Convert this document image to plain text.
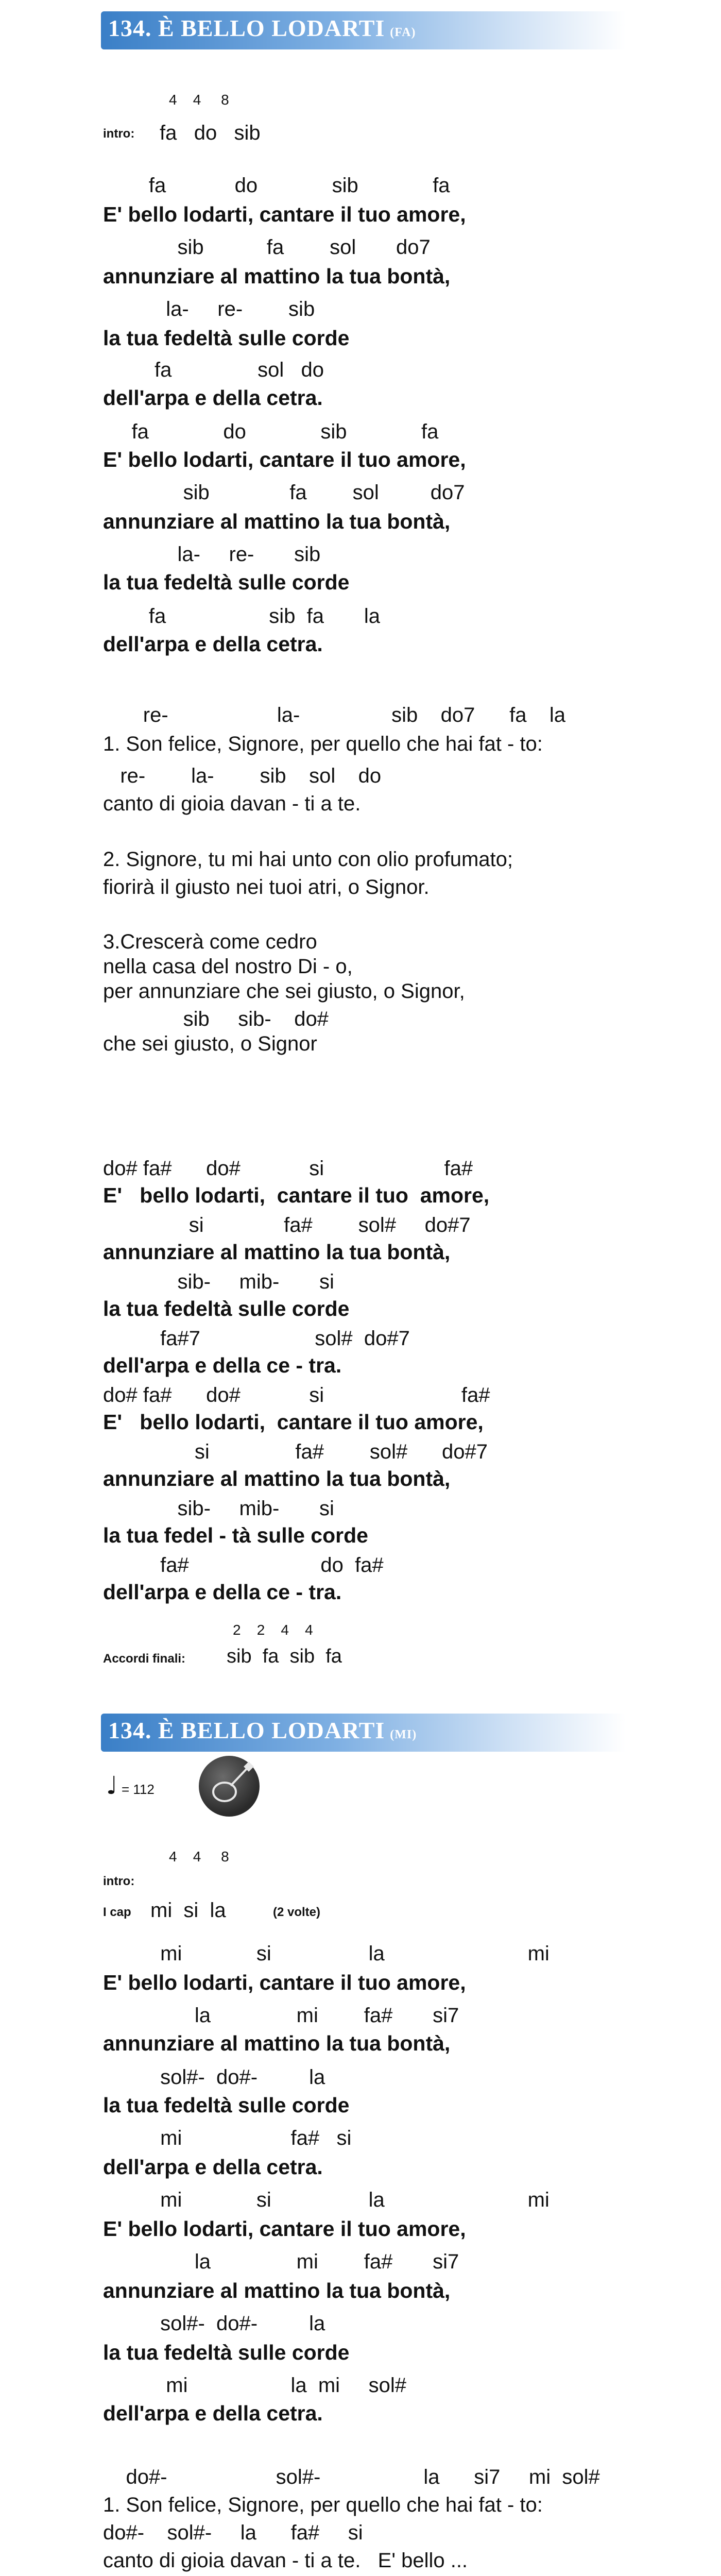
134. È BELLO LODARTI (FA)
4    4     8
intro: fa   do   sib
fa            do             sib             fa
E' bello lodarti, cantare il tuo amore,
sib           fa        sol       do7
annunziare al mattino la tua bontà,
la-     re-        sib
la tua fedeltà sulle corde
fa               sol   do
dell'arpa e della cetra.
fa             do             sib             fa
E' bello lodarti, cantare il tuo amore,
sib              fa        sol         do7
annunziare al mattino la tua bontà,
la-     re-       sib
la tua fedeltà sulle corde
fa                  sib  fa       la
dell'arpa e della cetra.
re-                   la-                sib    do7      fa    la
1. Son felice, Signore, per quello che hai fat - to:
re-        la-        sib    sol    do
canto di gioia davan - ti a te.
2. Signore, tu mi hai unto con olio profumato;
fiorirà il giusto nei tuoi atri, o Signor.
3.Crescerà come cedro
nella casa del nostro Di - o,
per annunziare che sei giusto, o Signor,
sib     sib-    do#
che sei giusto, o Signor
do# fa#      do#            si                     fa#
E'   bello lodarti,  cantare il tuo  amore,
si              fa#        sol#     do#7
annunziare al mattino la tua bontà,
sib-     mib-       si
la tua fedeltà sulle corde
fa#7                    sol#  do#7
dell'arpa e della ce - tra.
do# fa#      do#            si                        fa#
E'   bello lodarti,  cantare il tuo amore,
si               fa#        sol#      do#7
annunziare al mattino la tua bontà,
sib-     mib-       si
la tua fedel - tà sulle corde
fa#                       do  fa#
dell'arpa e della ce - tra.
2    2    4    4
Accordi finali: sib  fa  sib  fa
134. È BELLO LODARTI (MI)
♩ = 112
4    4     8
intro:
I cap mi  si  la	(2 volte)
mi             si                 la                         mi
E' bello lodarti, cantare il tuo amore,
la               mi        fa#       si7
annunziare al mattino la tua bontà,
sol#-  do#-         la
la tua fedeltà sulle corde
mi                   fa#   si
dell'arpa e della cetra.
mi             si                 la                         mi
E' bello lodarti, cantare il tuo amore,
la               mi        fa#       si7
annunziare al mattino la tua bontà,
sol#-  do#-         la
la tua fedeltà sulle corde
mi                  la  mi     sol#
dell'arpa e della cetra.
do#-                   sol#-                  la      si7     mi  sol#
1. Son felice, Signore, per quello che hai fat - to:
do#-    sol#-     la      fa#     si
canto di gioia davan - ti a te.   E' bello ...
